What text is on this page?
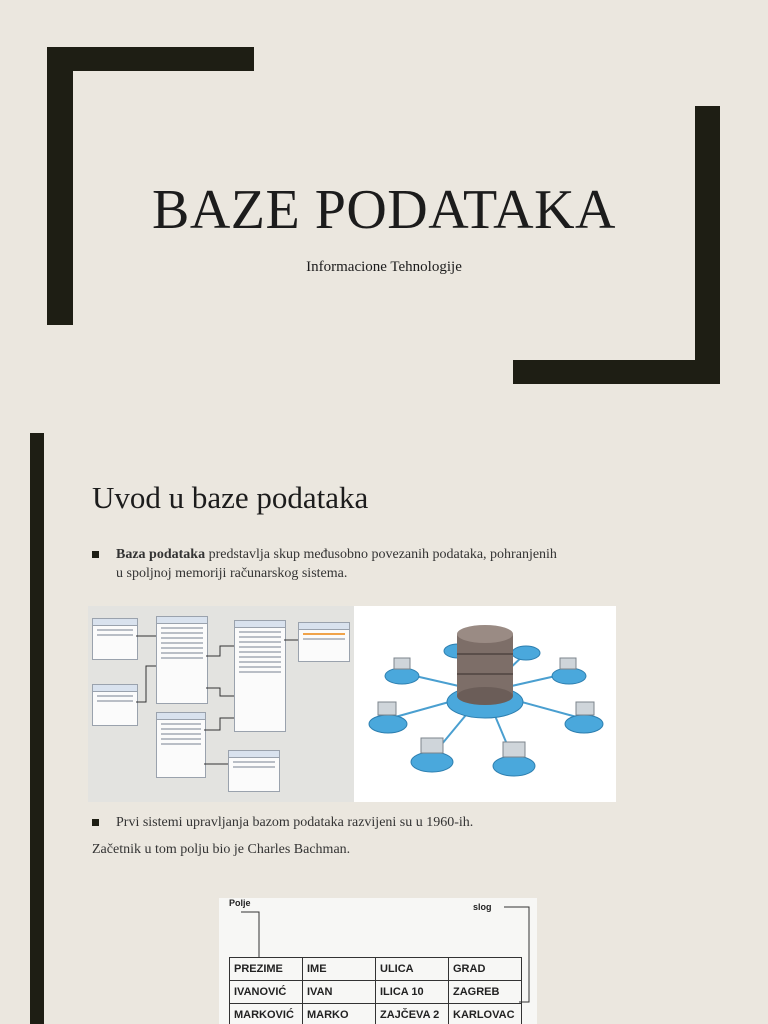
BAZE PODATAKA
Informacione Tehnologije
Uvod u baze podataka
Baza podataka predstavlja skup međusobno povezanih podataka, pohranjenih u spoljnoj memoriji računarskog sistema.
Prvi sistemi upravljanja bazom podataka razvijeni su u 1960-ih.
Začetnik u tom polju bio je Charles Bachman.
Polje	slog
PREZIME	IME	ULICA	GRAD
IVANOVIĆ	IVAN	ILICA 10	ZAGREB
MARKOVIĆ	MARKO	ZAJČEVA 2	KARLOVAC
